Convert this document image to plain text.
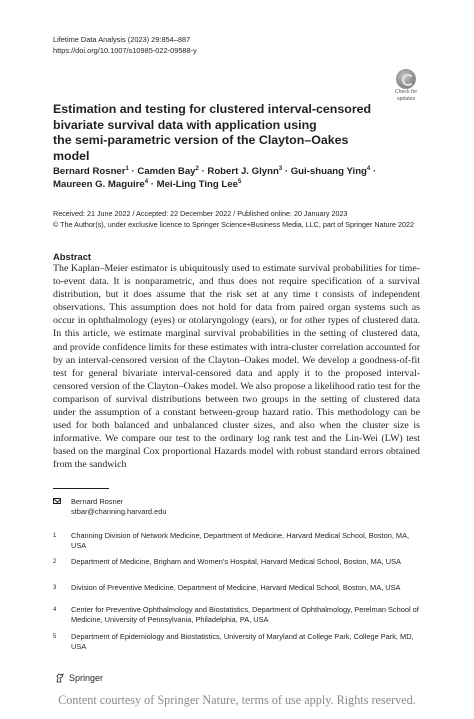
Lifetime Data Analysis (2023) 29:854–887
https://doi.org/10.1007/s10985-022-09588-y
Check for
updates
Estimation and testing for clustered interval-censored
bivariate survival data with application using
the semi-parametric version of the Clayton–Oakes model
Bernard Rosner$^1$ · Camden Bay$^2$ · Robert J. Glynn$^3$ · Gui-shuang Ying$^4$ ·
Maureen G. Maguire$^4$ · Mei-Ling Ting Lee$^5$
Received: 21 June 2022 / Accepted: 22 December 2022 / Published online: 20 January 2023
© The Author(s), under exclusive licence to Springer Science+Business Media, LLC, part of Springer Nature 2022
Abstract

The Kaplan–Meier estimator is ubiquitously used to estimate survival probabilities for time-to-event data. It is nonparametric, and thus does not require specification of a survival distribution, but it does assume that the risk set at any time t consists of independent observations. This assumption does not hold for data from paired organ systems such as occur in ophthalmology (eyes) or otolaryngology (ears), or for other types of clustered data. In this article, we estimate marginal survival probabilities in the setting of clustered data, and provide confidence limits for these estimates with intra-cluster correlation accounted for by an interval-censored version of the Clayton–Oakes model. We develop a goodness-of-fit test for general bivariate interval-censored data and apply it to the proposed interval-censored version of the Clayton–Oakes model. We also propose a likelihood ratio test for the comparison of survival distributions between two groups in the setting of clustered data under the assumption of a constant between-group hazard ratio. This methodology can be used for both balanced and unbalanced cluster sizes, and also when the cluster size is informative. We compare our test to the ordinary log rank test and the Lin-Wei (LW) test based on the marginal Cox proportional Hazards model with robust standard errors obtained from the sandwich

Bernard Rosner
stbar@channing.harvard.edu
1 Channing Division of Network Medicine, Department of Medicine, Harvard Medical School, Boston, MA, USA
2 Department of Medicine, Brigham and Women’s Hospital, Harvard Medical School, Boston, MA, USA
3 Division of Preventive Medicine, Department of Medicine, Harvard Medical School, Boston, MA, USA
4 Center for Preventive Ophthalmology and Biostatistics, Department of Ophthalmology, Perelman School of Medicine, University of Pennsylvania, Philadelphia, PA, USA
5 Department of Epidemiology and Biostatistics, University of Maryland at College Park, College Park, MD, USA
Springer
Content courtesy of Springer Nature, terms of use apply. Rights reserved.
